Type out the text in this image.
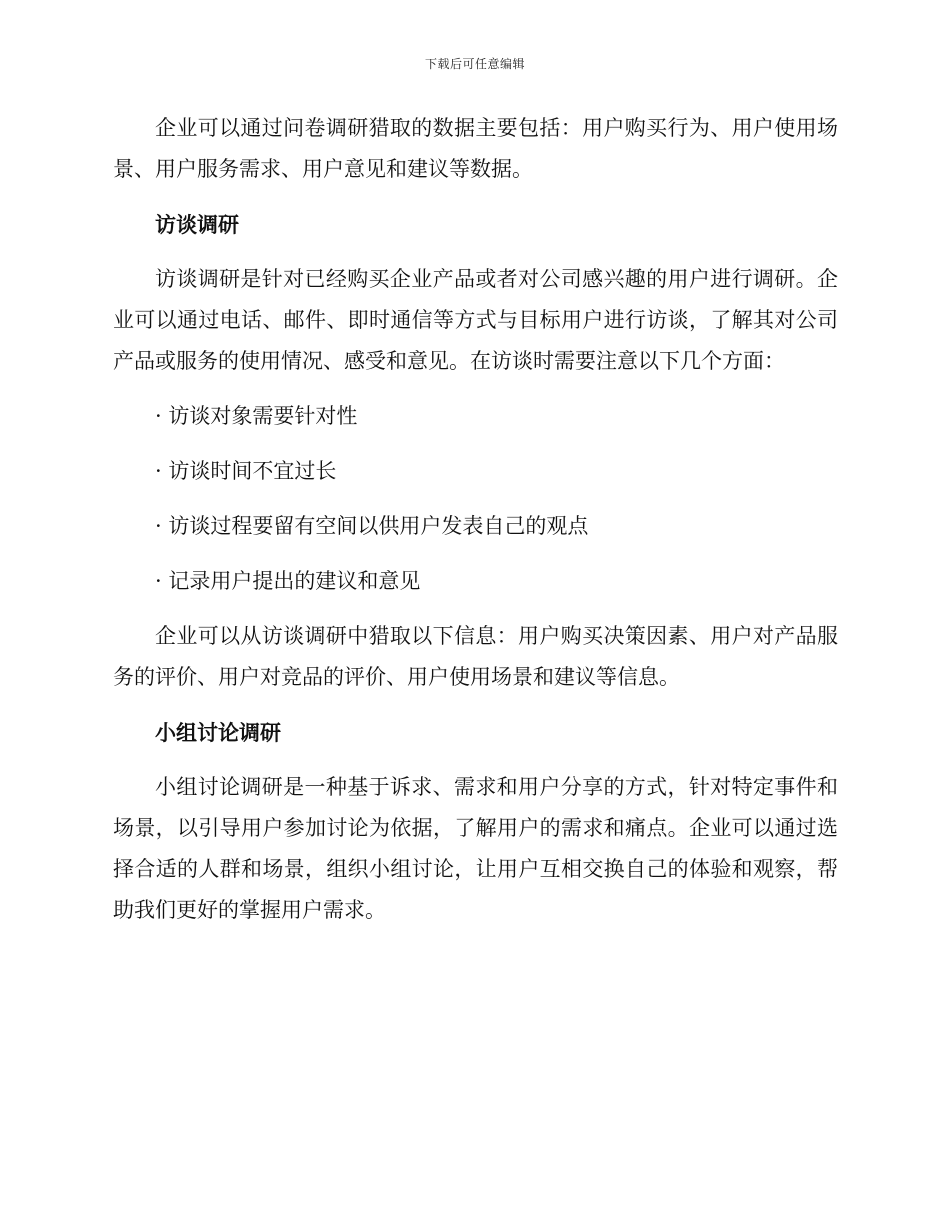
下载后可任意编辑

企业可以通过问卷调研猎取的数据主要包括：用户购买行为、用户使用场景、用户服务需求、用户意见和建议等数据。

访谈调研

访谈调研是针对已经购买企业产品或者对公司感兴趣的用户进行调研。企业可以通过电话、邮件、即时通信等方式与目标用户进行访谈，了解其对公司产品或服务的使用情况、感受和意见。在访谈时需要注意以下几个方面：

· 访谈对象需要针对性

· 访谈时间不宜过长

· 访谈过程要留有空间以供用户发表自己的观点

· 记录用户提出的建议和意见

企业可以从访谈调研中猎取以下信息：用户购买决策因素、用户对产品服务的评价、用户对竞品的评价、用户使用场景和建议等信息。

小组讨论调研

小组讨论调研是一种基于诉求、需求和用户分享的方式，针对特定事件和场景，以引导用户参加讨论为依据，了解用户的需求和痛点。企业可以通过选择合适的人群和场景，组织小组讨论，让用户互相交换自己的体验和观察，帮助我们更好的掌握用户需求。
